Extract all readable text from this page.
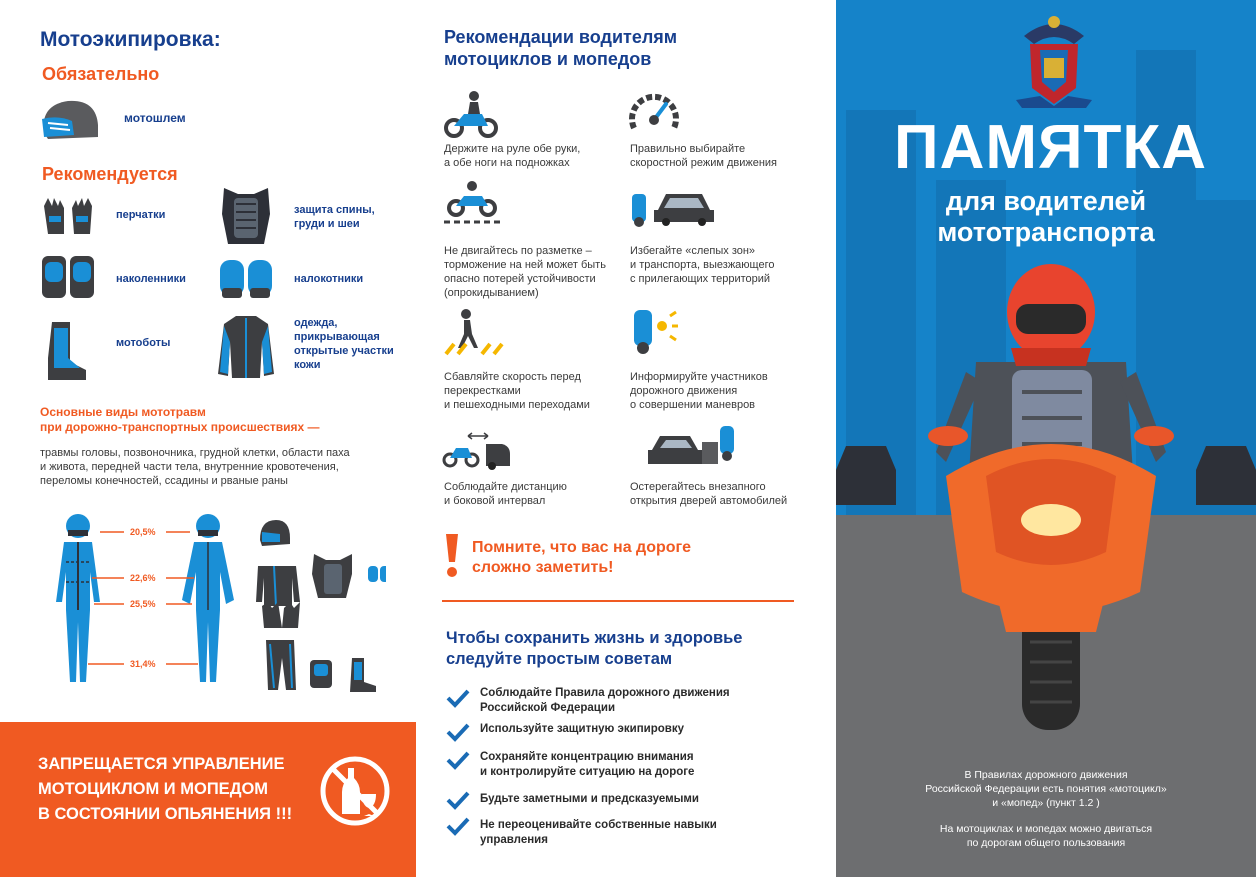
Мотоэкипировка:
Обязательно
мотошлем
Рекомендуется
перчатки	защита спины, груди и шеи
наколенники	налокотники
мотоботы
одежда, прикрывающая открытые участки кожи
Основные виды мототравм
при дорожно-транспортных происшествиях —
травмы головы, позвоночника, грудной клетки, области паха
и живота, передней части тела, внутренние кровотечения,
переломы конечностей, ссадины и рваные раны
20,5%
22,6%
25,5%
31,4%
ЗАПРЕЩАЕТСЯ УПРАВЛЕНИЕ
МОТОЦИКЛОМ И МОПЕДОМ
В СОСТОЯНИИ ОПЬЯНЕНИЯ !!!
Рекомендации водителям
мотоциклов и мопедов
Держите на руле обе руки,
а обе ноги на подножках
Правильно выбирайте
скоростной режим движения
Не двигайтесь по разметке –
торможение на ней может быть
опасно потерей устойчивости
(опрокидыванием)
Избегайте «слепых зон»
и транспорта, выезжающего
с прилегающих территорий
Сбавляйте скорость перед
перекрестками
и пешеходными переходами
Информируйте участников
дорожного движения
о совершении маневров
Соблюдайте дистанцию
и боковой интервал
Остерегайтесь внезапного
открытия дверей автомобилей
Помните, что вас на дороге
сложно заметить!
Чтобы сохранить жизнь и здоровье
следуйте простым советам
Соблюдайте Правила дорожного движения
Российской Федерации
Используйте защитную экипировку
Сохраняйте концентрацию внимания
и контролируйте ситуацию на дороге
Будьте заметными и предсказуемыми
Не переоценивайте собственные навыки
управления
ПАМЯТКА
для водителей
мототранспорта
В Правилах дорожного движения
Российской Федерации есть понятия «мотоцикл»
и «мопед» (пункт 1.2 )
На мотоциклах и мопедах можно двигаться
по дорогам общего пользования
